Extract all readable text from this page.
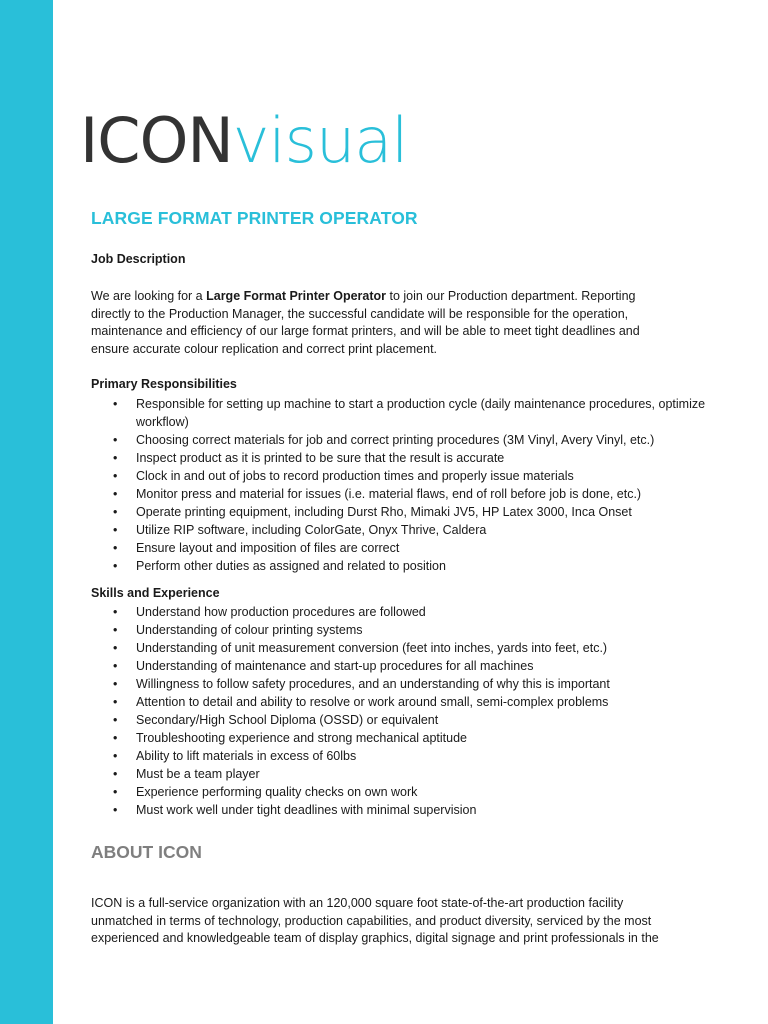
ICONvisual
LARGE FORMAT PRINTER OPERATOR
Job Description
We are looking for a Large Format Printer Operator to join our Production department. Reporting directly to the Production Manager, the successful candidate will be responsible for the operation, maintenance and efficiency of our large format printers, and will be able to meet tight deadlines and ensure accurate colour replication and correct print placement.
Primary Responsibilities
• Responsible for setting up machine to start a production cycle (daily maintenance procedures, optimize workflow)
• Choosing correct materials for job and correct printing procedures (3M Vinyl, Avery Vinyl, etc.)
• Inspect product as it is printed to be sure that the result is accurate
• Clock in and out of jobs to record production times and properly issue materials
• Monitor press and material for issues (i.e. material flaws, end of roll before job is done, etc.)
• Operate printing equipment, including Durst Rho, Mimaki JV5, HP Latex 3000, Inca Onset
• Utilize RIP software, including ColorGate, Onyx Thrive, Caldera
• Ensure layout and imposition of files are correct
• Perform other duties as assigned and related to position
Skills and Experience
• Understand how production procedures are followed
• Understanding of colour printing systems
• Understanding of unit measurement conversion (feet into inches, yards into feet, etc.)
• Understanding of maintenance and start-up procedures for all machines
• Willingness to follow safety procedures, and an understanding of why this is important
• Attention to detail and ability to resolve or work around small, semi-complex problems
• Secondary/High School Diploma (OSSD) or equivalent
• Troubleshooting experience and strong mechanical aptitude
• Ability to lift materials in excess of 60lbs
• Must be a team player
• Experience performing quality checks on own work
• Must work well under tight deadlines with minimal supervision
ABOUT ICON
ICON is a full-service organization with an 120,000 square foot state-of-the-art production facility unmatched in terms of technology, production capabilities, and product diversity, serviced by the most experienced and knowledgeable team of display graphics, digital signage and print professionals in the
